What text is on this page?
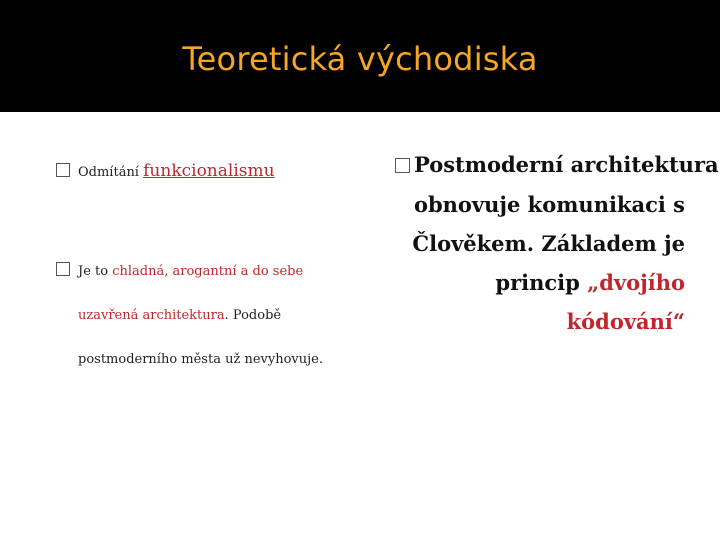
Teoretická východiska
Odmítání funkcionalismu
Je to chladná, arogantní a do sebe
uzavřená architektura. Podobě
postmoderního města už nevyhovuje.
Postmoderní architektura
obnovuje komunikaci s
Člověkem. Základem je
princip „dvojího
kódování“
